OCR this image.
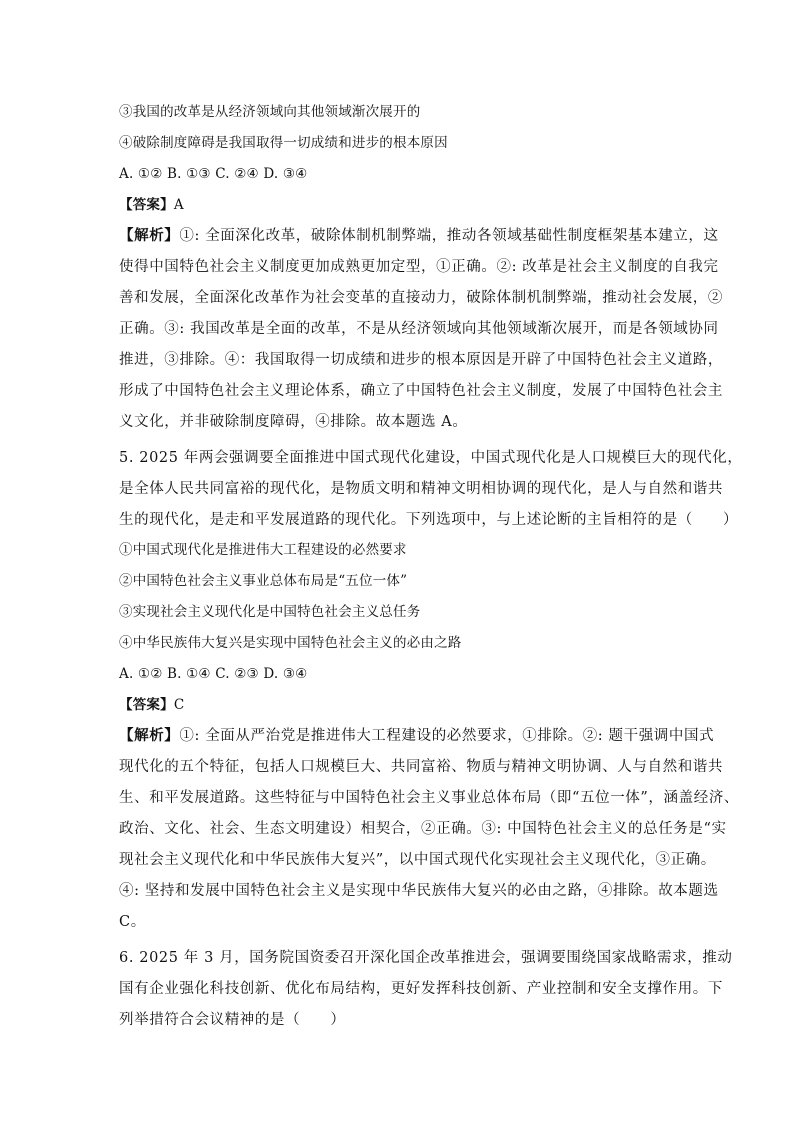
③我国的改革是从经济领域向其他领域渐次展开的
④破除制度障碍是我国取得一切成绩和进步的根本原因
A. ①② B. ①③ C. ②④ D. ③④
【答案】A
【解析】①: 全面深化改革，破除体制机制弊端，推动各领域基础性制度框架基本建立，这
使得中国特色社会主义制度更加成熟更加定型，①正确。②: 改革是社会主义制度的自我完
善和发展，全面深化改革作为社会变革的直接动力，破除体制机制弊端，推动社会发展，②
正确。③: 我国改革是全面的改革，不是从经济领域向其他领域渐次展开，而是各领域协同
推进，③排除。④：我国取得一切成绩和进步的根本原因是开辟了中国特色社会主义道路，
形成了中国特色社会主义理论体系，确立了中国特色社会主义制度，发展了中国特色社会主
义文化，并非破除制度障碍，④排除。故本题选 A。
5. 2025 年两会强调要全面推进中国式现代化建设，中国式现代化是人口规模巨大的现代化，
是全体人民共同富裕的现代化，是物质文明和精神文明相协调的现代化，是人与自然和谐共
生的现代化，是走和平发展道路的现代化。下列选项中，与上述论断的主旨相符的是（　　）
①中国式现代化是推进伟大工程建设的必然要求
②中国特色社会主义事业总体布局是“五位一体”
③实现社会主义现代化是中国特色社会主义总任务
④中华民族伟大复兴是实现中国特色社会主义的必由之路
A. ①② B. ①④ C. ②③ D. ③④
【答案】C
【解析】①: 全面从严治党是推进伟大工程建设的必然要求，①排除。②: 题干强调中国式
现代化的五个特征，包括人口规模巨大、共同富裕、物质与精神文明协调、人与自然和谐共
生、和平发展道路。这些特征与中国特色社会主义事业总体布局（即“五位一体”，涵盖经济、
政治、文化、社会、生态文明建设）相契合，②正确。③: 中国特色社会主义的总任务是“实
现社会主义现代化和中华民族伟大复兴”，以中国式现代化实现社会主义现代化，③正确。
④: 坚持和发展中国特色社会主义是实现中华民族伟大复兴的必由之路，④排除。故本题选
C。
6. 2025 年 3 月，国务院国资委召开深化国企改革推进会，强调要围绕国家战略需求，推动
国有企业强化科技创新、优化布局结构，更好发挥科技创新、产业控制和安全支撑作用。下
列举措符合会议精神的是（　　）
